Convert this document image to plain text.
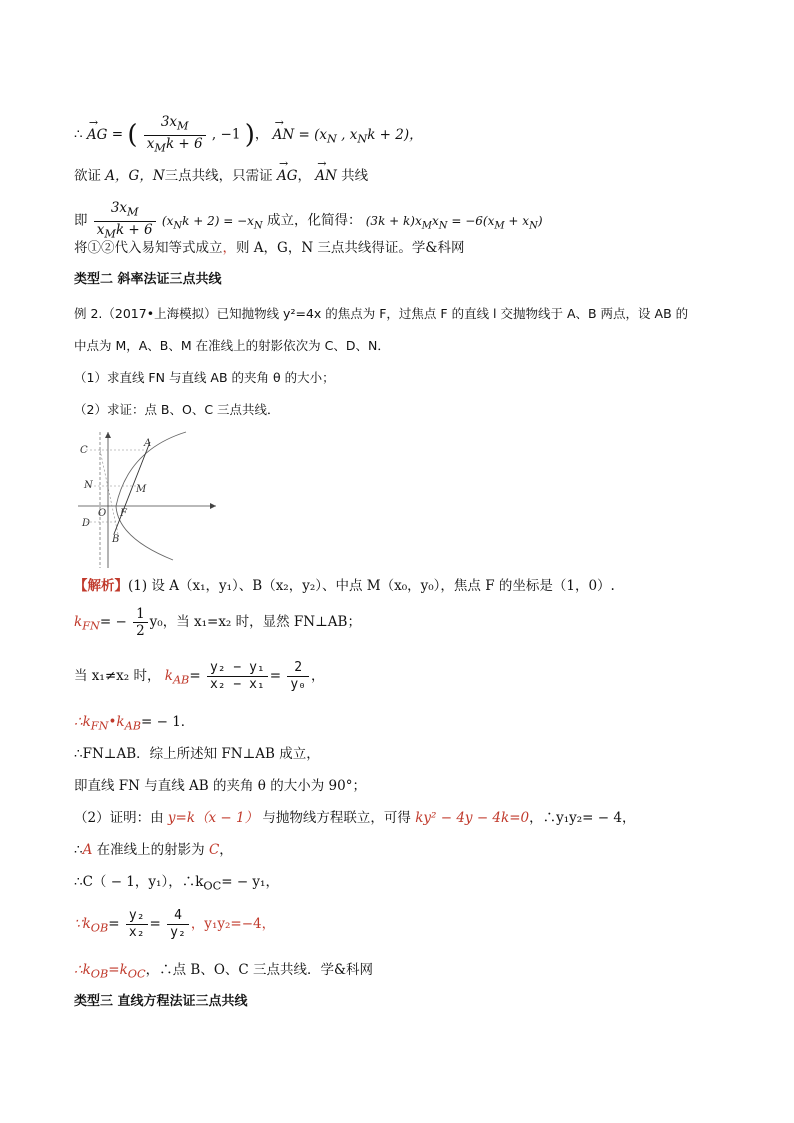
∴ → AG = ( $\frac{3x_M}{x_Mk + 6}$ , −1 )， → AN = ($x_N$ , $x_Nk + 2$)，
欲证 A，G，N三点共线，只需证 → AG， → AN 共线
即 $\frac{3x_M}{x_Mk + 6} (x_Nk + 2) = -x_N$ 成立，化简得： $(3k + k)x_Mx_N = -6(x_M + x_N)$
将①②代入易知等式成立，则 A，G，N 三点共线得证。学&科网
类型二 斜率法证三点共线
例 2.（2017•上海模拟）已知抛物线 y²=4x 的焦点为 F，过焦点 F 的直线 l 交抛物线于 A、B 两点，设 AB 的
中点为 M，A、B、M 在准线上的射影依次为 C、D、N．
（1）求直线 FN 与直线 AB 的夹角 θ 的大小；
（2）求证：点 B、O、C 三点共线．
C
A
N	M
O F
D
B
【解析】(1) 设 A（x₁，y₁）、B（x₂，y₂）、中点 M（x₀，y₀），焦点 F 的坐标是（1，0）.
$k_{FN}= - \frac{1}{2} y_0$，当 x₁=x₂ 时，显然 FN⊥AB；
当 x₁≠x₂ 时， $k_{AB}= \frac{\text{y₂ − y₁}}{\text{x₂ − x₁}} = \frac{2}{\text{y₀}}$ ，
$\therefore k_{FN}•k_{AB}= - 1$．
∴FN⊥AB．综上所述知 FN⊥AB 成立，
即直线 FN 与直线 AB 的夹角 θ 的大小为 90°；
（2）证明：由 y=k（x − 1） 与抛物线方程联立，可得 ky² − 4y − 4k=0，∴y₁y₂= − 4，
∴A 在准线上的射影为 C，
∴C（ − 1，y₁），$\therefore k_{OC}= - y_1$，
$\because k_{OB}= \frac{\text{y₂}}{\text{x₂}} = \frac{4}{\text{y₂}}$ ，y₁y₂=−4，
$\therefore k_{OB}=k_{OC}$，∴点 B、O、C 三点共线．学&科网
类型三 直线方程法证三点共线
